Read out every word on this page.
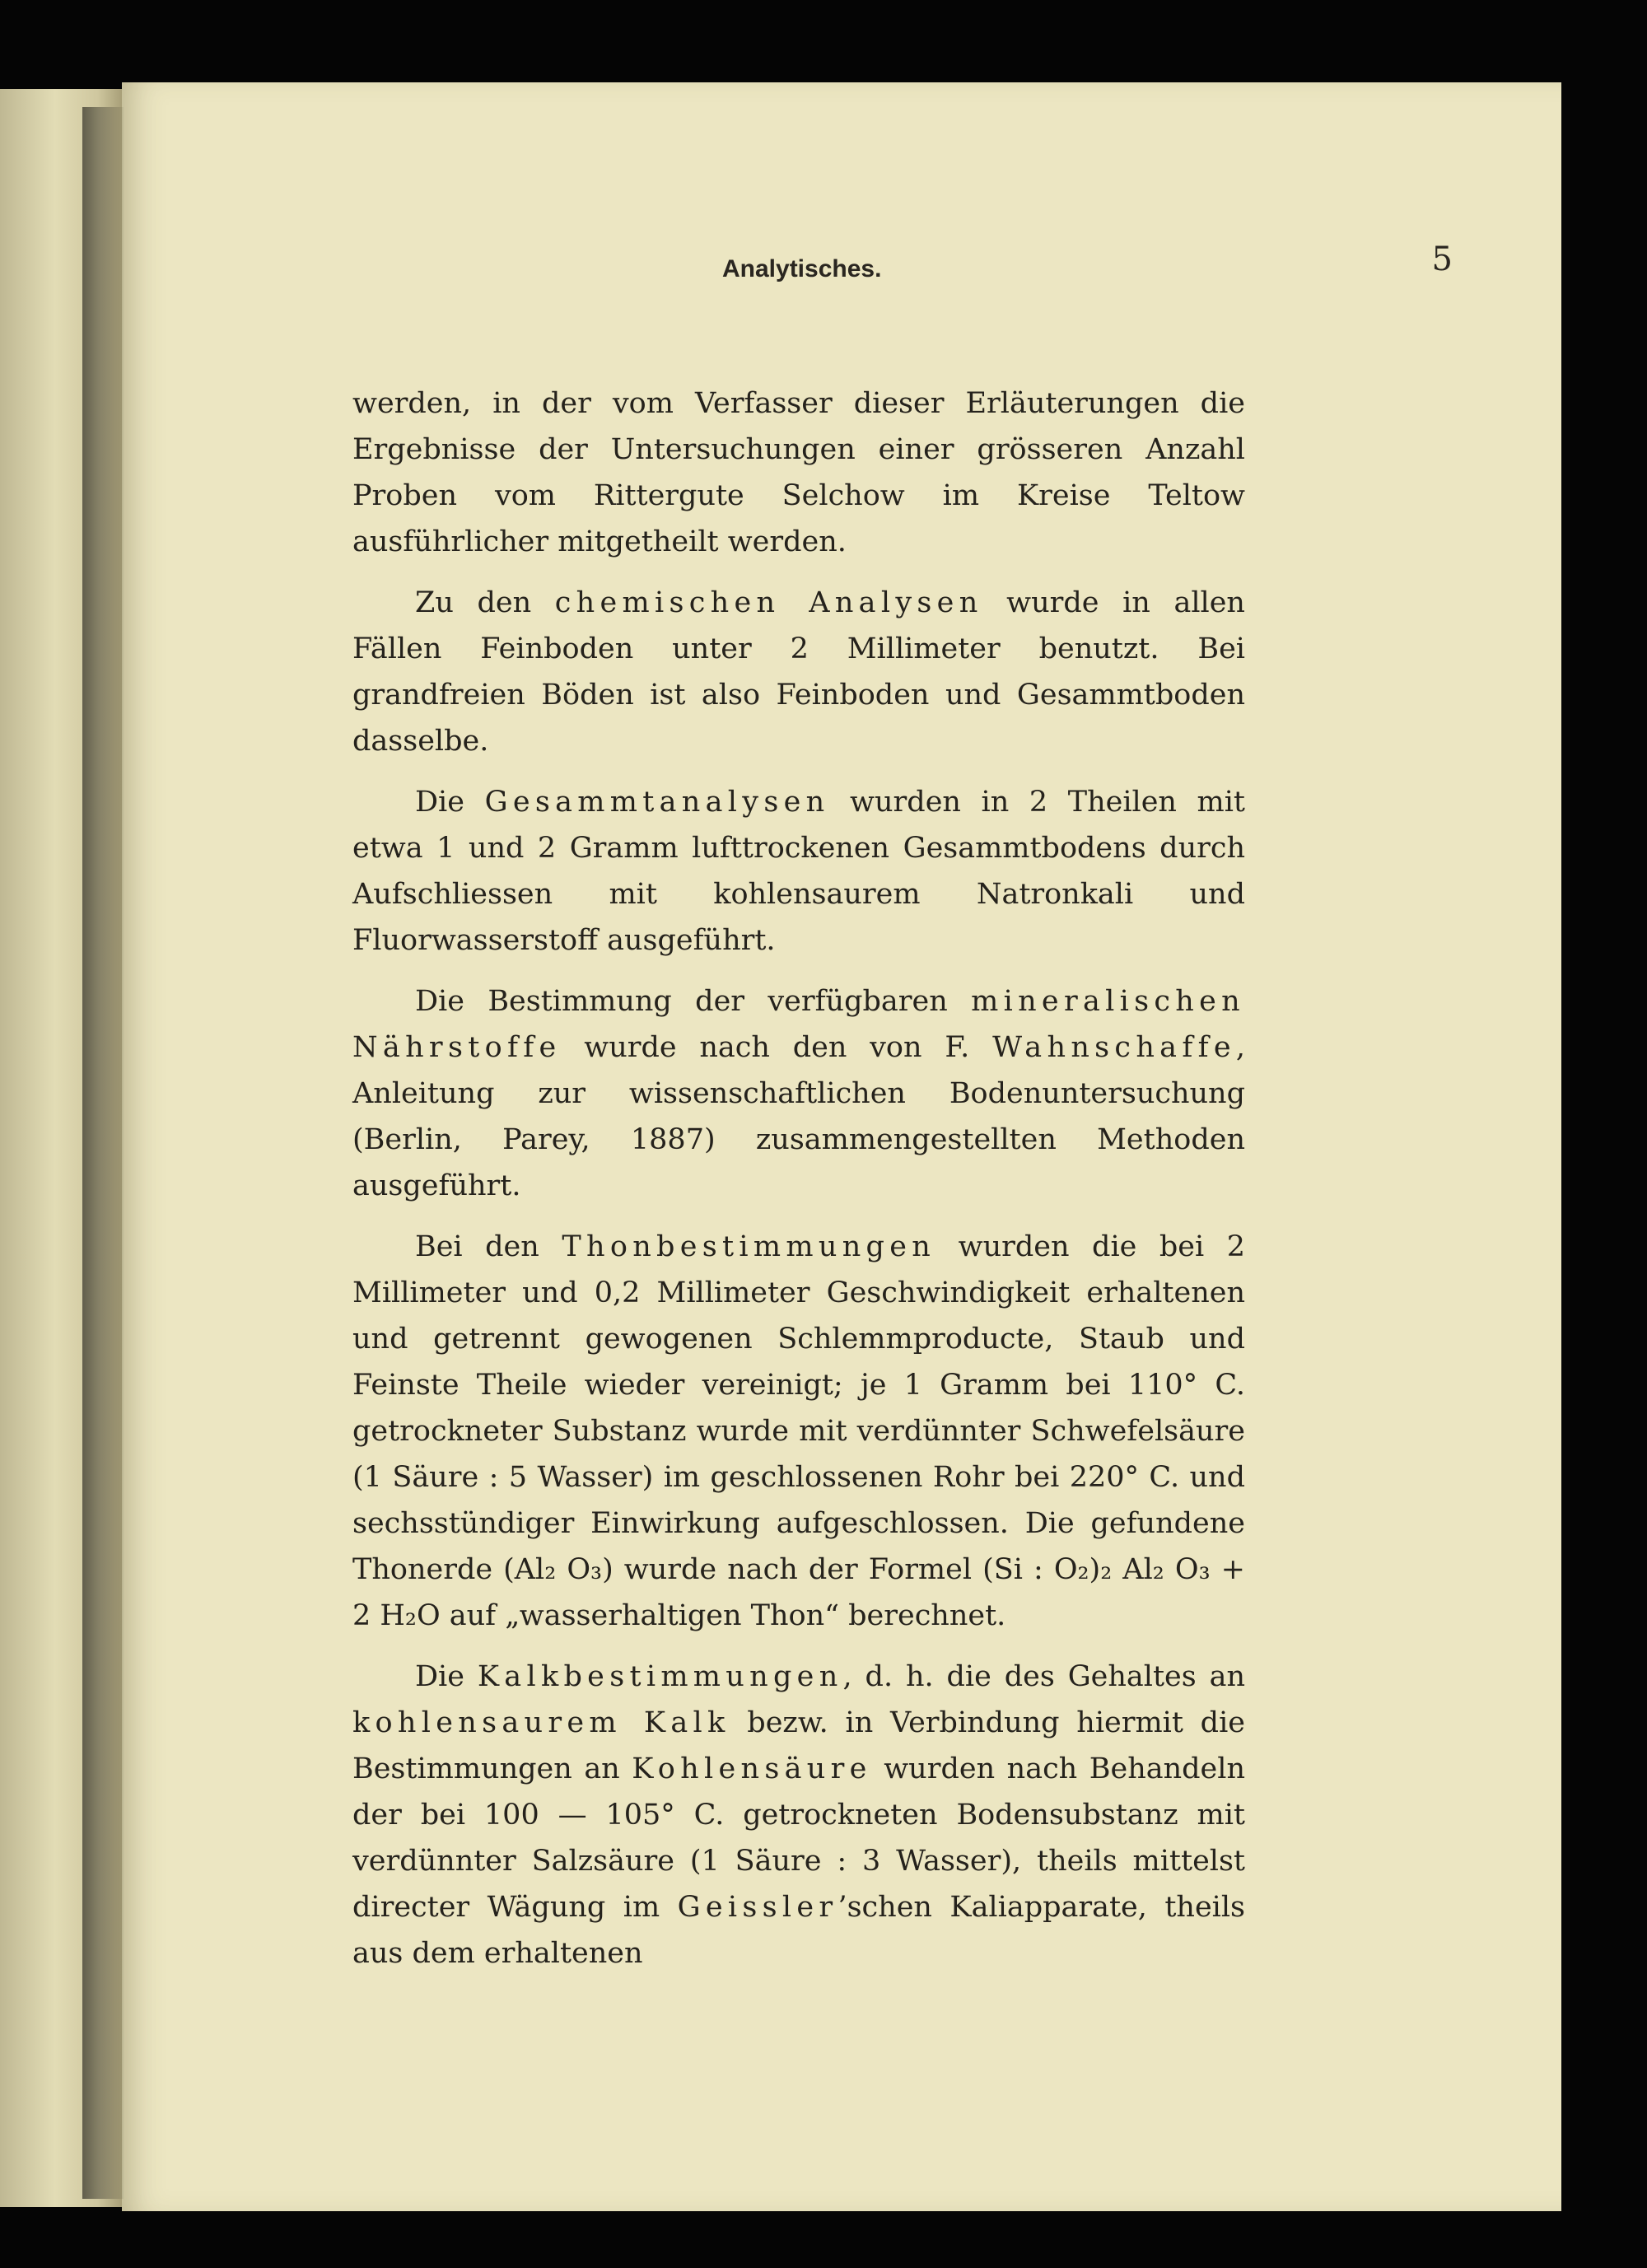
Analytisches.	5

werden, in der vom Verfasser dieser Erläuterungen die Ergebnisse der Untersuchungen einer grösseren Anzahl Proben vom Rittergute Selchow im Kreise Teltow ausführlicher mitgetheilt werden.

Zu den chemischen Analysen wurde in allen Fällen Feinboden unter 2 Millimeter benutzt. Bei grandfreien Böden ist also Feinboden und Gesammtboden dasselbe.

Die Gesammtanalysen wurden in 2 Theilen mit etwa 1 und 2 Gramm lufttrockenen Gesammtbodens durch Aufschliessen mit kohlensaurem Natronkali und Fluorwasserstoff ausgeführt.

Die Bestimmung der verfügbaren mineralischen Nährstoffe wurde nach den von F. Wahnschaffe, Anleitung zur wissenschaftlichen Bodenuntersuchung (Berlin, Parey, 1887) zusammengestellten Methoden ausgeführt.

Bei den Thonbestimmungen wurden die bei 2 Millimeter und 0,2 Millimeter Geschwindigkeit erhaltenen und getrennt gewogenen Schlemmproducte, Staub und Feinste Theile wieder vereinigt; je 1 Gramm bei 110° C. getrockneter Substanz wurde mit verdünnter Schwefelsäure (1 Säure : 5 Wasser) im geschlossenen Rohr bei 220° C. und sechsstündiger Einwirkung aufgeschlossen. Die gefundene Thonerde (Al₂ O₃) wurde nach der Formel (Si : O₂)₂ Al₂ O₃ + 2 H₂O auf „wasserhaltigen Thon“ berechnet.

Die Kalkbestimmungen, d. h. die des Gehaltes an kohlensaurem Kalk bezw. in Verbindung hiermit die Bestimmungen an Kohlensäure wurden nach Behandeln der bei 100 — 105° C. getrockneten Bodensubstanz mit verdünnter Salzsäure (1 Säure : 3 Wasser), theils mittelst directer Wägung im Geissler’schen Kaliapparate, theils aus dem erhaltenen
